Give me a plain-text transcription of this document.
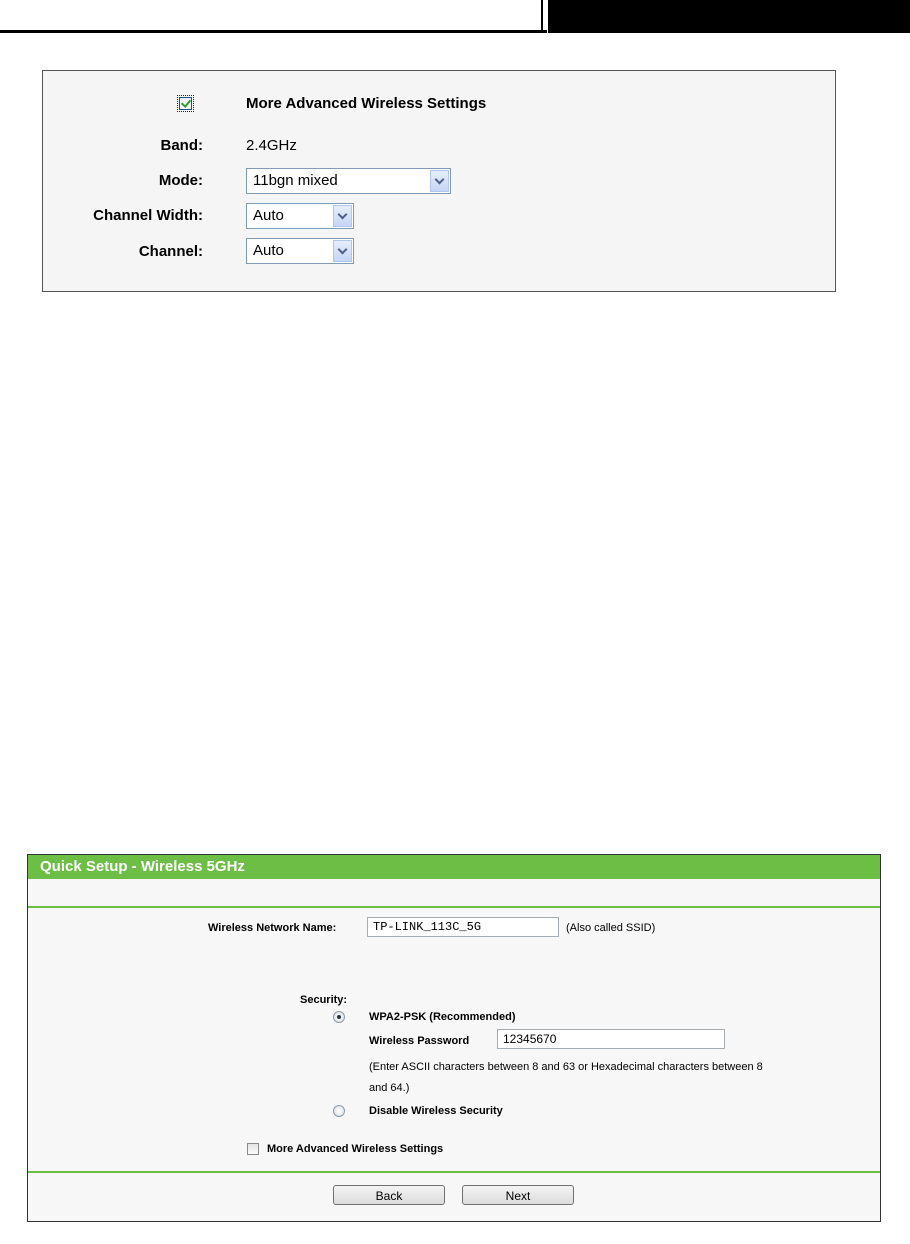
More Advanced Wireless Settings
Band:	2.4GHz
Mode:	11bgn mixed
Channel Width:	Auto
Channel:	Auto
Quick Setup - Wireless 5GHz
Wireless Network Name:	TP-LINK_113C_5G	(Also called SSID)
Security:
WPA2-PSK (Recommended)
Wireless Password	12345670
(Enter ASCII characters between 8 and 63 or Hexadecimal characters between 8
and 64.)
Disable Wireless Security
More Advanced Wireless Settings
Back	Next
